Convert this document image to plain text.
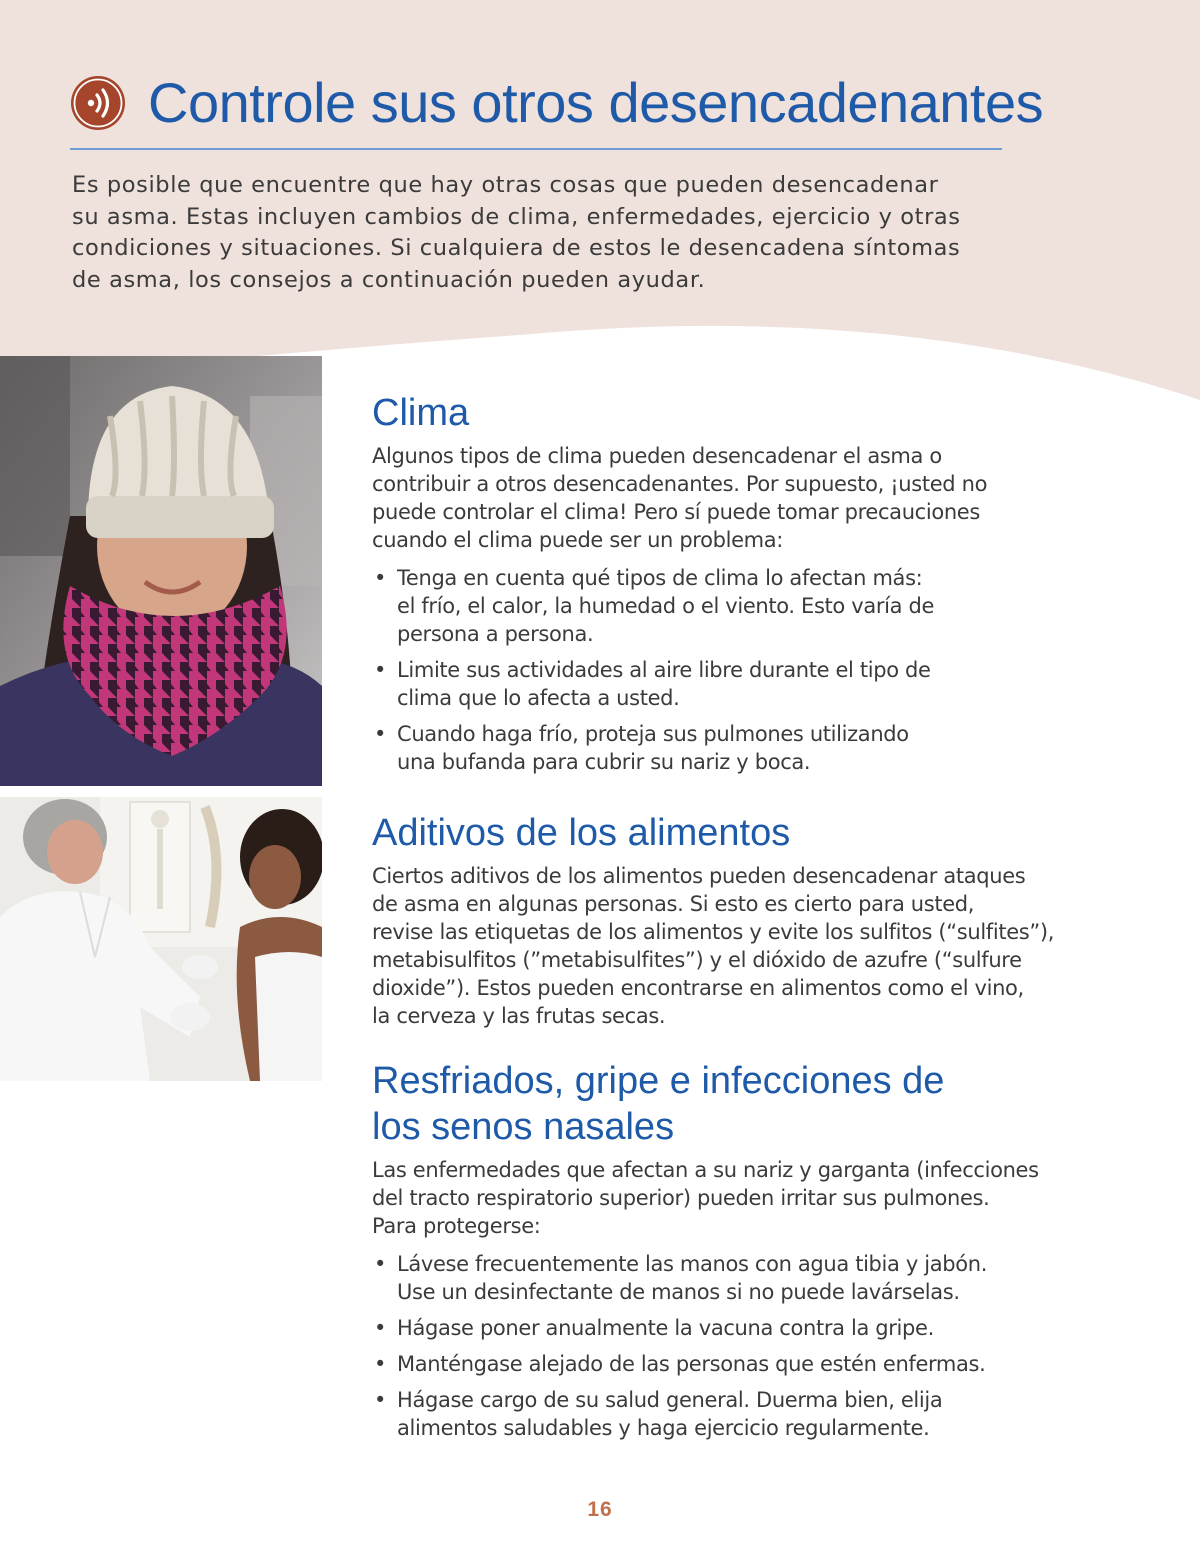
Controle sus otros desencadenantes

Es posible que encuentre que hay otras cosas que pueden desencadenar
su asma. Estas incluyen cambios de clima, enfermedades, ejercicio y otras
condiciones y situaciones. Si cualquiera de estos le desencadena síntomas
de asma, los consejos a continuación pueden ayudar.

Clima

Algunos tipos de clima pueden desencadenar el asma o
contribuir a otros desencadenantes. Por supuesto, ¡usted no
puede controlar el clima! Pero sí puede tomar precauciones
cuando el clima puede ser un problema:

• Tenga en cuenta qué tipos de clima lo afectan más:
el frío, el calor, la humedad o el viento. Esto varía de
persona a persona.
• Limite sus actividades al aire libre durante el tipo de
clima que lo afecta a usted.
• Cuando haga frío, proteja sus pulmones utilizando
una bufanda para cubrir su nariz y boca.
Aditivos de los alimentos

Ciertos aditivos de los alimentos pueden desencadenar ataques
de asma en algunas personas. Si esto es cierto para usted,
revise las etiquetas de los alimentos y evite los sulfitos (“sulfites”),
metabisulfitos (”metabisulfites”) y el dióxido de azufre (“sulfure
dioxide”). Estos pueden encontrarse en alimentos como el vino,
la cerveza y las frutas secas.

Resfriados, gripe e infecciones de
los senos nasales

Las enfermedades que afectan a su nariz y garganta (infecciones
del tracto respiratorio superior) pueden irritar sus pulmones.
Para protegerse:

• Lávese frecuentemente las manos con agua tibia y jabón.
Use un desinfectante de manos si no puede lavárselas.
• Hágase poner anualmente la vacuna contra la gripe.
• Manténgase alejado de las personas que estén enfermas.
• Hágase cargo de su salud general. Duerma bien, elija
alimentos saludables y haga ejercicio regularmente.
16
